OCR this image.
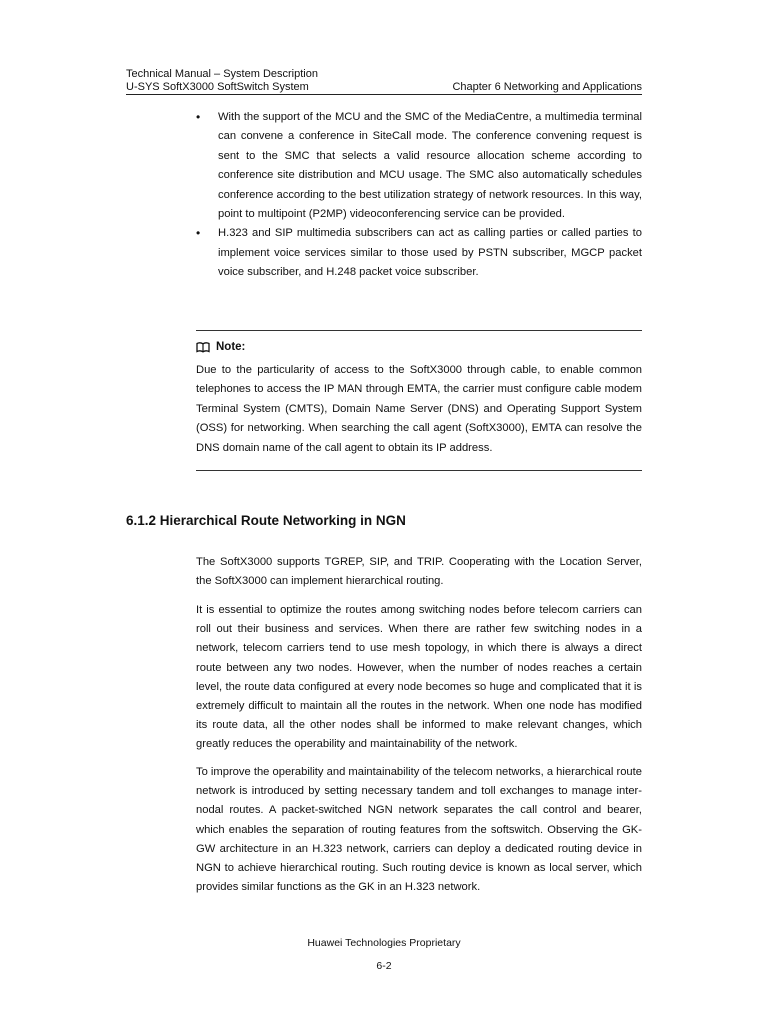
Technical Manual – System Description
U-SYS SoftX3000 SoftSwitch System	Chapter 6 Networking and Applications
• With the support of the MCU and the SMC of the MediaCentre, a multimedia terminal can convene a conference in SiteCall mode. The conference convening request is sent to the SMC that selects a valid resource allocation scheme according to conference site distribution and MCU usage. The SMC also automatically schedules conference according to the best utilization strategy of network resources. In this way, point to multipoint (P2MP) videoconferencing service can be provided.
• H.323 and SIP multimedia subscribers can act as calling parties or called parties to implement voice services similar to those used by PSTN subscriber, MGCP packet voice subscriber, and H.248 packet voice subscriber.
Note:

Due to the particularity of access to the SoftX3000 through cable, to enable common telephones to access the IP MAN through EMTA, the carrier must configure cable modem Terminal System (CMTS), Domain Name Server (DNS) and Operating Support System (OSS) for networking. When searching the call agent (SoftX3000), EMTA can resolve the DNS domain name of the call agent to obtain its IP address.

6.1.2 Hierarchical Route Networking in NGN

The SoftX3000 supports TGREP, SIP, and TRIP. Cooperating with the Location Server, the SoftX3000 can implement hierarchical routing.

It is essential to optimize the routes among switching nodes before telecom carriers can roll out their business and services. When there are rather few switching nodes in a network, telecom carriers tend to use mesh topology, in which there is always a direct route between any two nodes. However, when the number of nodes reaches a certain level, the route data configured at every node becomes so huge and complicated that it is extremely difficult to maintain all the routes in the network. When one node has modified its route data, all the other nodes shall be informed to make relevant changes, which greatly reduces the operability and maintainability of the network.

To improve the operability and maintainability of the telecom networks, a hierarchical route network is introduced by setting necessary tandem and toll exchanges to manage inter-nodal routes. A packet-switched NGN network separates the call control and bearer, which enables the separation of routing features from the softswitch. Observing the GK-GW architecture in an H.323 network, carriers can deploy a dedicated routing device in NGN to achieve hierarchical routing. Such routing device is known as local server, which provides similar functions as the GK in an H.323 network.

Huawei Technologies Proprietary
6-2
